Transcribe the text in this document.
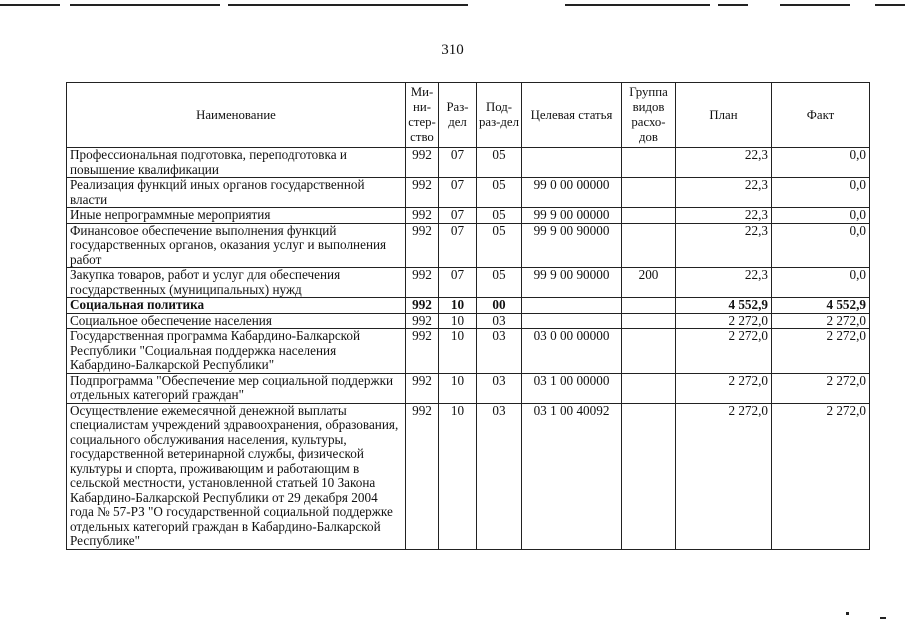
310
Наименование	Ми-ни-стер-ство	Раз-дел	Под-раз-дел	Целевая статья	Группа видов расхо-дов	План	Факт
Профессиональная подготовка, переподготовка и повышение квалификации	992	07	05			22,3	0,0
Реализация функций иных органов государственной власти	992	07	05	99 0 00 00000		22,3	0,0
Иные непрограммные мероприятия	992	07	05	99 9 00 00000		22,3	0,0
Финансовое обеспечение выполнения функций государственных органов, оказания услуг и выполнения работ	992	07	05	99 9 00 90000		22,3	0,0
Закупка товаров, работ и услуг для обеспечения государственных (муниципальных) нужд	992	07	05	99 9 00 90000	200	22,3	0,0
Социальная политика	992	10	00			4 552,9	4 552,9
Социальное обеспечение населения	992	10	03			2 272,0	2 272,0
Государственная программа Кабардино-Балкарской Республики "Социальная поддержка населения Кабардино-Балкарской Республики"	992	10	03	03 0 00 00000		2 272,0	2 272,0
Подпрограмма "Обеспечение мер социальной поддержки отдельных категорий граждан"	992	10	03	03 1 00 00000		2 272,0	2 272,0
Осуществление ежемесячной денежной выплаты специалистам учреждений здравоохранения, образования, социального обслуживания населения, культуры, государственной ветеринарной службы, физической культуры и спорта, проживающим и работающим в сельской местности, установленной статьей 10 Закона Кабардино-Балкарской Республики от 29 декабря 2004 года № 57-РЗ "О государственной социальной поддержке отдельных категорий граждан в Кабардино-Балкарской Республике"	992	10	03	03 1 00 40092		2 272,0	2 272,0
